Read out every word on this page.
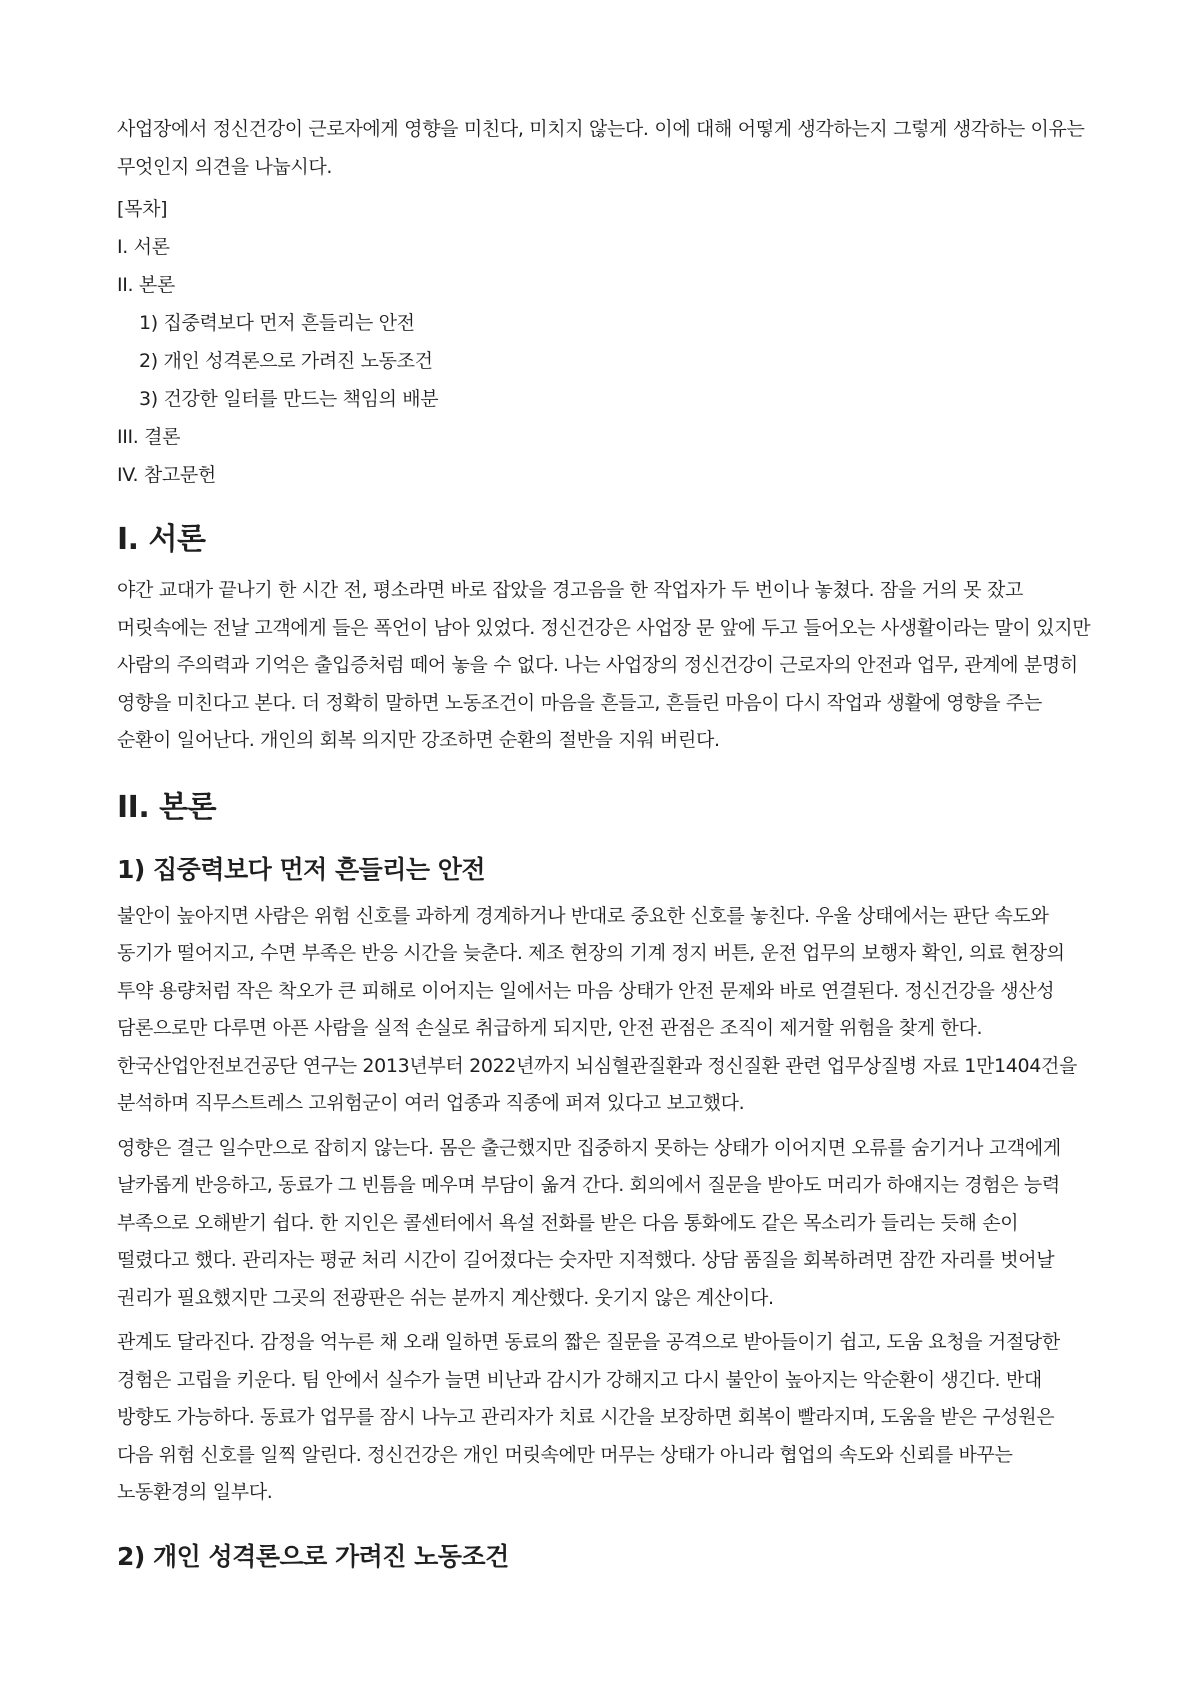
사업장에서 정신건강이 근로자에게 영향을 미친다, 미치지 않는다. 이에 대해 어떻게 생각하는지 그렇게 생각하는 이유는 무엇인지 의견을 나눕시다.

[목차]

I. 서론

II. 본론

1) 집중력보다 먼저 흔들리는 안전

2) 개인 성격론으로 가려진 노동조건

3) 건강한 일터를 만드는 책임의 배분

III. 결론

IV. 참고문헌

I. 서론

야간 교대가 끝나기 한 시간 전, 평소라면 바로 잡았을 경고음을 한 작업자가 두 번이나 놓쳤다. 잠을 거의 못 잤고 머릿속에는 전날 고객에게 들은 폭언이 남아 있었다. 정신건강은 사업장 문 앞에 두고 들어오는 사생활이라는 말이 있지만 사람의 주의력과 기억은 출입증처럼 떼어 놓을 수 없다. 나는 사업장의 정신건강이 근로자의 안전과 업무, 관계에 분명히 영향을 미친다고 본다. 더 정확히 말하면 노동조건이 마음을 흔들고, 흔들린 마음이 다시 작업과 생활에 영향을 주는 순환이 일어난다. 개인의 회복 의지만 강조하면 순환의 절반을 지워 버린다.

II. 본론
1) 집중력보다 먼저 흔들리는 안전

불안이 높아지면 사람은 위험 신호를 과하게 경계하거나 반대로 중요한 신호를 놓친다. 우울 상태에서는 판단 속도와 동기가 떨어지고, 수면 부족은 반응 시간을 늦춘다. 제조 현장의 기계 정지 버튼, 운전 업무의 보행자 확인, 의료 현장의 투약 용량처럼 작은 착오가 큰 피해로 이어지는 일에서는 마음 상태가 안전 문제와 바로 연결된다. 정신건강을 생산성 담론으로만 다루면 아픈 사람을 실적 손실로 취급하게 되지만, 안전 관점은 조직이 제거할 위험을 찾게 한다. 한국산업안전보건공단 연구는 2013년부터 2022년까지 뇌심혈관질환과 정신질환 관련 업무상질병 자료 1만1404건을 분석하며 직무스트레스 고위험군이 여러 업종과 직종에 퍼져 있다고 보고했다.

영향은 결근 일수만으로 잡히지 않는다. 몸은 출근했지만 집중하지 못하는 상태가 이어지면 오류를 숨기거나 고객에게 날카롭게 반응하고, 동료가 그 빈틈을 메우며 부담이 옮겨 간다. 회의에서 질문을 받아도 머리가 하얘지는 경험은 능력 부족으로 오해받기 쉽다. 한 지인은 콜센터에서 욕설 전화를 받은 다음 통화에도 같은 목소리가 들리는 듯해 손이 떨렸다고 했다. 관리자는 평균 처리 시간이 길어졌다는 숫자만 지적했다. 상담 품질을 회복하려면 잠깐 자리를 벗어날 권리가 필요했지만 그곳의 전광판은 쉬는 분까지 계산했다. 웃기지 않은 계산이다.

관계도 달라진다. 감정을 억누른 채 오래 일하면 동료의 짧은 질문을 공격으로 받아들이기 쉽고, 도움 요청을 거절당한 경험은 고립을 키운다. 팀 안에서 실수가 늘면 비난과 감시가 강해지고 다시 불안이 높아지는 악순환이 생긴다. 반대 방향도 가능하다. 동료가 업무를 잠시 나누고 관리자가 치료 시간을 보장하면 회복이 빨라지며, 도움을 받은 구성원은 다음 위험 신호를 일찍 알린다. 정신건강은 개인 머릿속에만 머무는 상태가 아니라 협업의 속도와 신뢰를 바꾸는 노동환경의 일부다.

2) 개인 성격론으로 가려진 노동조건
